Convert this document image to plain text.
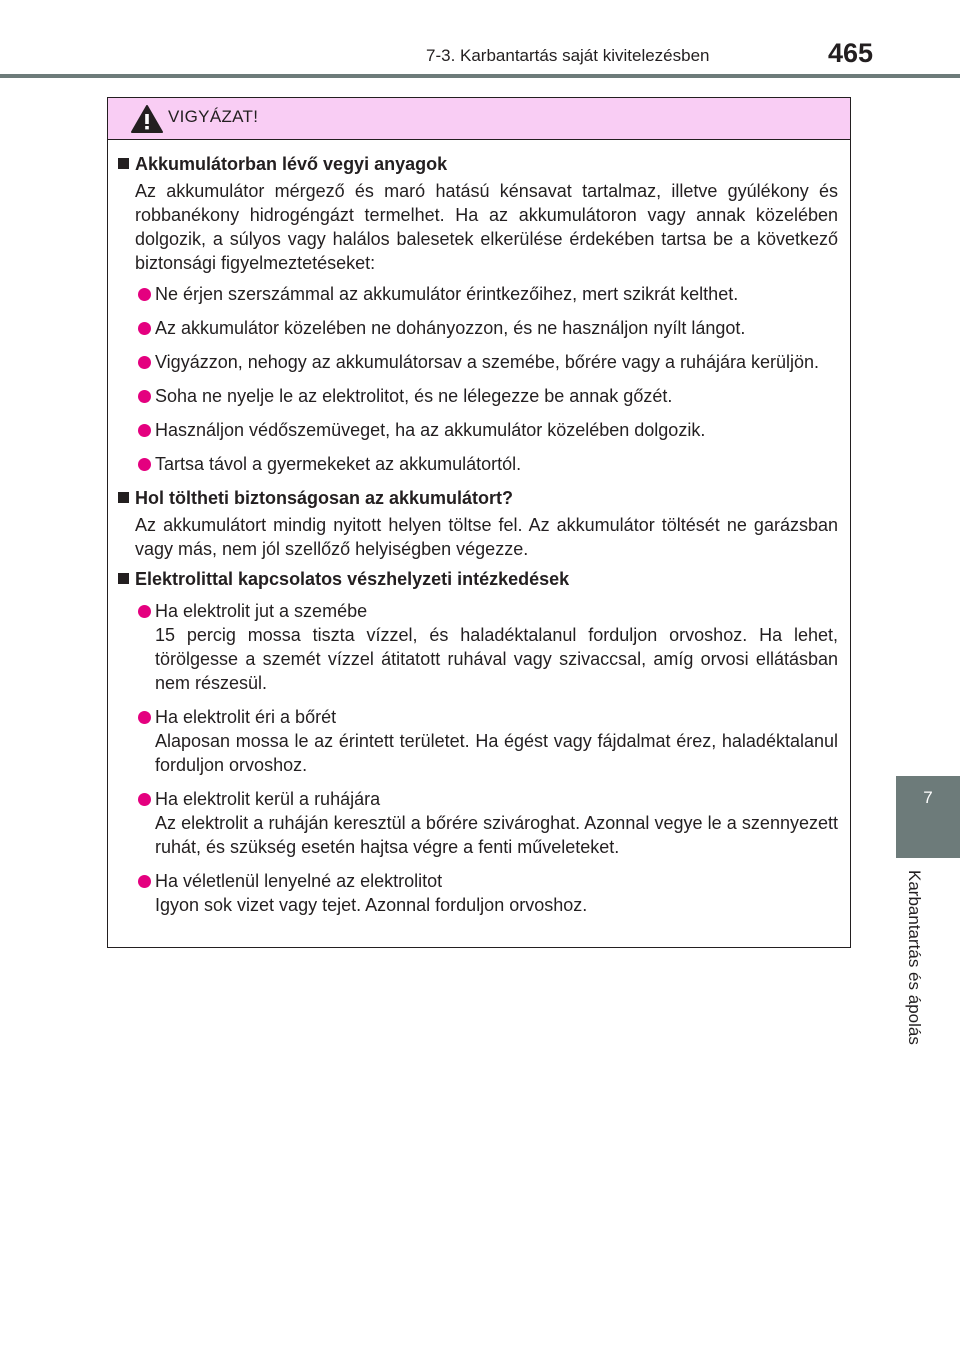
7-3. Karbantartás saját kivitelezésben	465
7
Karbantartás és ápolás
VIGYÁZAT!
Akkumulátorban lévő vegyi anyagok
Az akkumulátor mérgező és maró hatású kénsavat tartalmaz, illetve gyúlékony és robbanékony hidrogéngázt termelhet. Ha az akkumulátoron vagy annak közelében dolgozik, a súlyos vagy halálos balesetek elkerülése érdekében tartsa be a következő biztonsági figyelmeztetéseket:
Ne érjen szerszámmal az akkumulátor érintkezőihez, mert szikrát kelthet.
Az akkumulátor közelében ne dohányozzon, és ne használjon nyílt lángot.
Vigyázzon, nehogy az akkumulátorsav a szemébe, bőrére vagy a ruhájára kerüljön.
Soha ne nyelje le az elektrolitot, és ne lélegezze be annak gőzét.
Használjon védőszemüveget, ha az akkumulátor közelében dolgozik.
Tartsa távol a gyermekeket az akkumulátortól.
Hol töltheti biztonságosan az akkumulátort?
Az akkumulátort mindig nyitott helyen töltse fel. Az akkumulátor töltését ne garázsban vagy más, nem jól szellőző helyiségben végezze.
Elektrolittal kapcsolatos vészhelyzeti intézkedések
Ha elektrolit jut a szemébe
15 percig mossa tiszta vízzel, és haladéktalanul forduljon orvoshoz. Ha lehet, törölgesse a szemét vízzel átitatott ruhával vagy szivaccsal, amíg orvosi ellátásban nem részesül.
Ha elektrolit éri a bőrét
Alaposan mossa le az érintett területet. Ha égést vagy fájdalmat érez, haladéktalanul forduljon orvoshoz.
Ha elektrolit kerül a ruhájára
Az elektrolit a ruháján keresztül a bőrére szivároghat. Azonnal vegye le a szennyezett ruhát, és szükség esetén hajtsa végre a fenti műveleteket.
Ha véletlenül lenyelné az elektrolitot
Igyon sok vizet vagy tejet. Azonnal forduljon orvoshoz.
